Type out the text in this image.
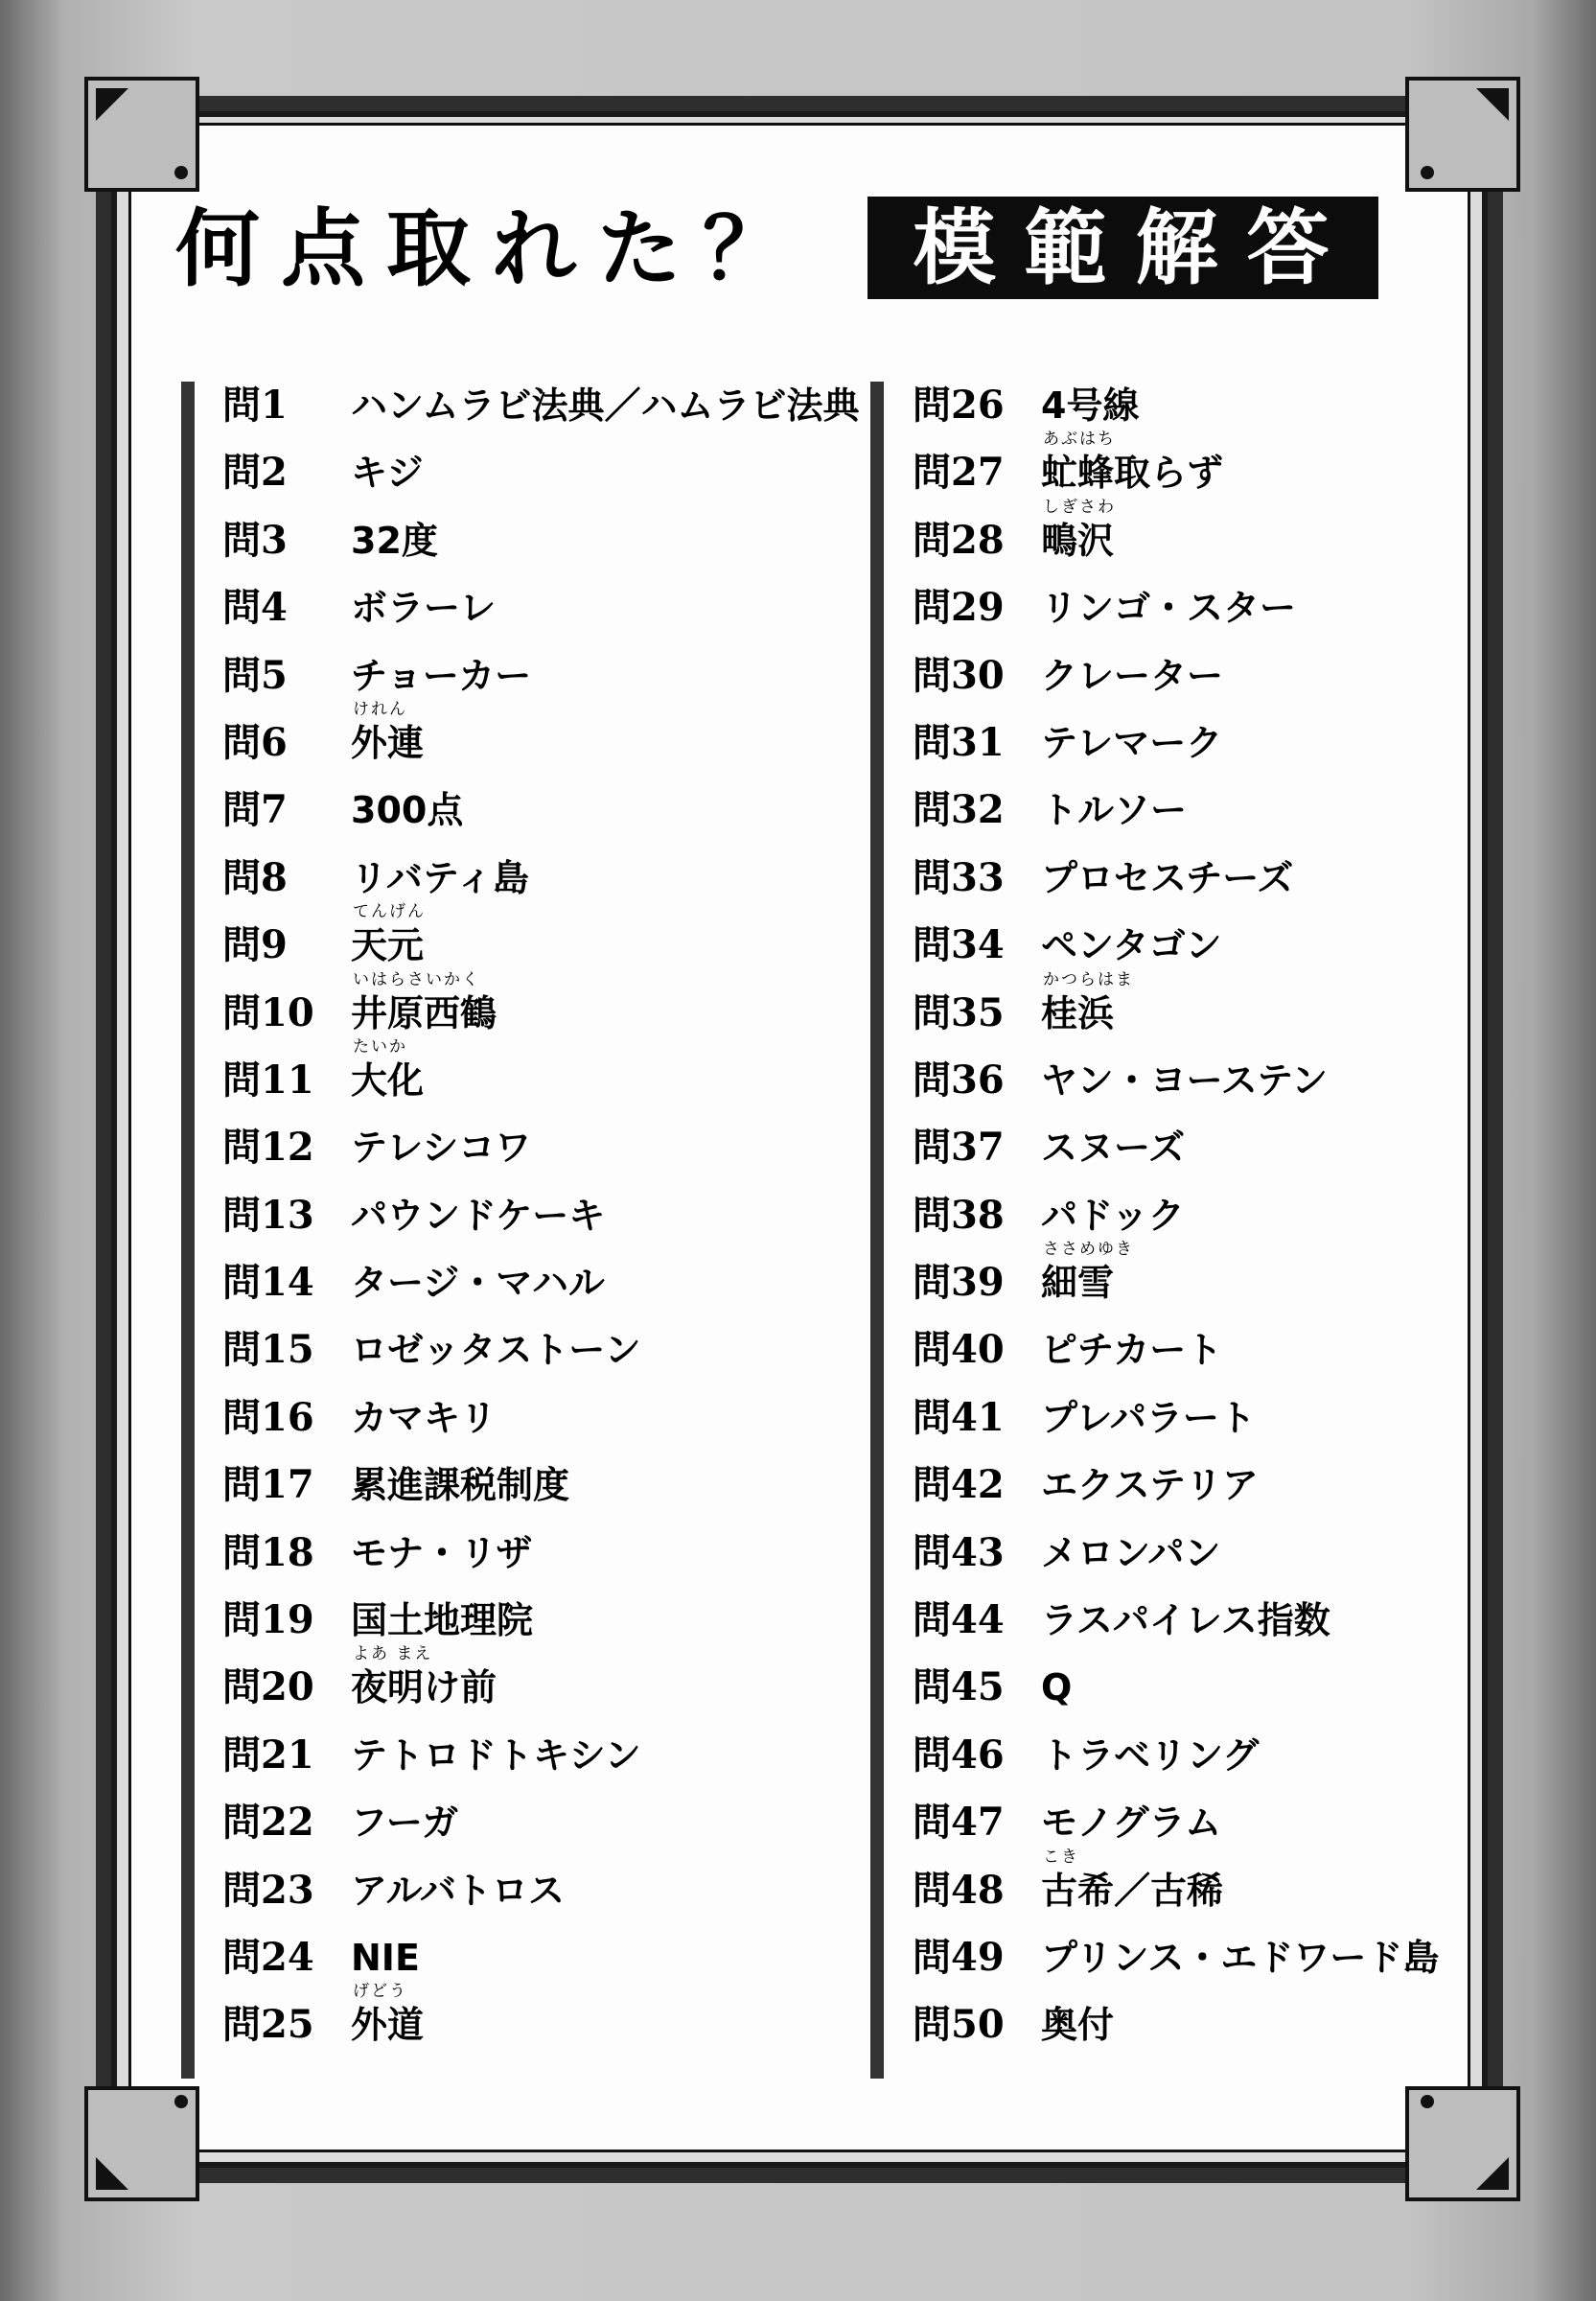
何点取れた？	模範解答
問1	ハンムラビ法典／ハムラビ法典
問2	キジ
問3	32度
問4	ボラーレ
問5	チョーカー
けれん
問6	外連
問7	300点
問8	リバティ島
てんげん
問9	天元
いはらさいかく
問10	井原西鶴
たいか
問11	大化
問12	テレシコワ
問13	パウンドケーキ
問14	タージ・マハル
問15	ロゼッタストーン
問16	カマキリ
問17	累進課税制度
問18	モナ・リザ
問19	国土地理院
よあ まえ
問20	夜明け前
問21	テトロドトキシン
問22	フーガ
問23	アルバトロス
問24	NIE
げどう
問25	外道
問26	4号線
あぶはち
問27	虻蜂取らず
しぎさわ
問28	鴫沢
問29	リンゴ・スター
問30	クレーター
問31	テレマーク
問32	トルソー
問33	プロセスチーズ
問34	ペンタゴン
かつらはま
問35	桂浜
問36	ヤン・ヨーステン
問37	スヌーズ
問38	パドック
ささめゆき
問39	細雪
問40	ピチカート
問41	プレパラート
問42	エクステリア
問43	メロンパン
問44	ラスパイレス指数
問45	Q
問46	トラベリング
問47	モノグラム
こき
問48	古希／古稀
問49	プリンス・エドワード島
問50	奥付
